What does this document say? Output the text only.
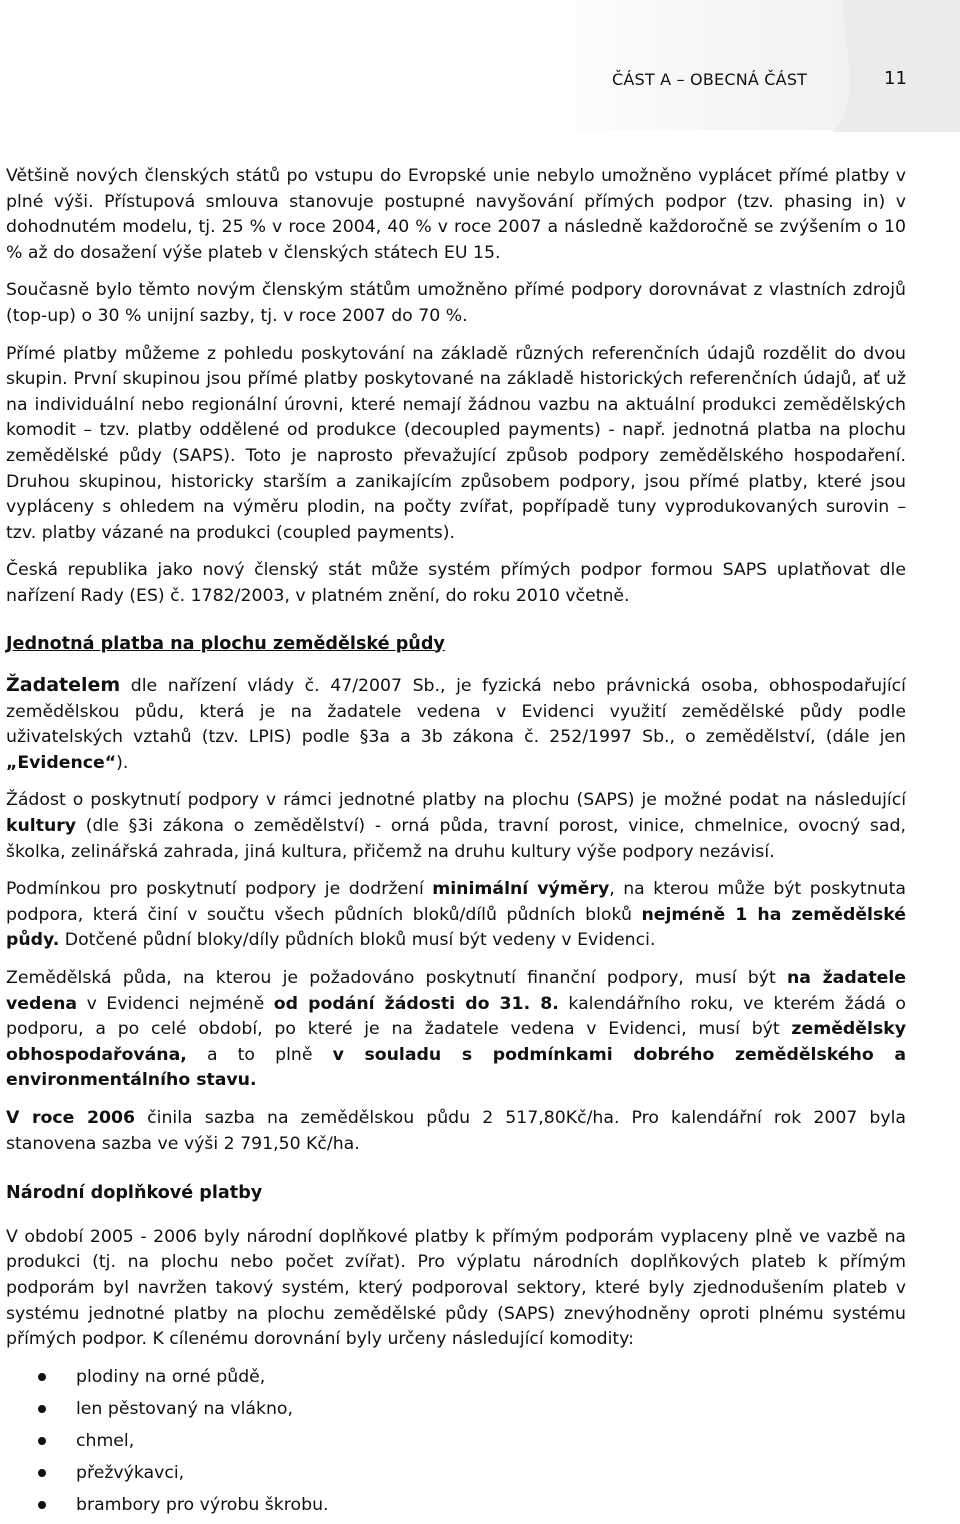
ČÁST A – OBECNÁ ČÁST	11

Většině nových členských států po vstupu do Evropské unie nebylo umožněno vyplácet přímé platby v plné výši. Přístupová smlouva stanovuje postupné navyšování přímých podpor (tzv. phasing in) v dohodnutém modelu, tj. 25 % v roce 2004, 40 % v roce 2007 a následně každoročně se zvýšením o 10 % až do dosažení výše plateb v členských státech EU 15.

Současně bylo těmto novým členským státům umožněno přímé podpory dorovnávat z vlastních zdrojů (top-up) o 30 % unijní sazby, tj. v roce 2007 do 70 %.

Přímé platby můžeme z pohledu poskytování na základě různých referenčních údajů rozdělit do dvou skupin. První skupinou jsou přímé platby poskytované na základě historických referenčních údajů, ať už na individuální nebo regionální úrovni, které nemají žádnou vazbu na aktuální produkci zemědělských komodit – tzv. platby oddělené od produkce (decoupled payments) - např. jednotná platba na plochu zemědělské půdy (SAPS). Toto je naprosto převažující způsob podpory zemědělského hospodaření. Druhou skupinou, historicky starším a zanikajícím způsobem podpory, jsou přímé platby, které jsou vypláceny s ohledem na výměru plodin, na počty zvířat, popřípadě tuny vyprodukovaných surovin – tzv. platby vázané na produkci (coupled payments).

Česká republika jako nový členský stát může systém přímých podpor formou SAPS uplatňovat dle nařízení Rady (ES) č. 1782/2003, v platném znění, do roku 2010 včetně.

Jednotná platba na plochu zemědělské půdy

Žadatelem dle nařízení vlády č. 47/2007 Sb., je fyzická nebo právnická osoba, obhospodařující zemědělskou půdu, která je na žadatele vedena v Evidenci využití zemědělské půdy podle uživatelských vztahů (tzv. LPIS) podle §3a a 3b zákona č. 252/1997 Sb., o zemědělství, (dále jen „Evidence“).

Žádost o poskytnutí podpory v rámci jednotné platby na plochu (SAPS) je možné podat na následující kultury (dle §3i zákona o zemědělství) - orná půda, travní porost, vinice, chmelnice, ovocný sad, školka, zelinářská zahrada, jiná kultura, přičemž na druhu kultury výše podpory nezávisí.

Podmínkou pro poskytnutí podpory je dodržení minimální výměry, na kterou může být poskytnuta podpora, která činí v součtu všech půdních bloků/dílů půdních bloků nejméně 1 ha zemědělské půdy. Dotčené půdní bloky/díly půdních bloků musí být vedeny v Evidenci.

Zemědělská půda, na kterou je požadováno poskytnutí finanční podpory, musí být na žadatele vedena v Evidenci nejméně od podání žádosti do 31. 8. kalendářního roku, ve kterém žádá o podporu, a po celé období, po které je na žadatele vedena v Evidenci, musí být zemědělsky obhospodařována, a to plně v souladu s podmínkami dobrého zemědělského a environmentálního stavu.

V roce 2006 činila sazba na zemědělskou půdu 2 517,80Kč/ha. Pro kalendářní rok 2007 byla stanovena sazba ve výši 2 791,50 Kč/ha.

Národní doplňkové platby

V období 2005 - 2006 byly národní doplňkové platby k přímým podporám vyplaceny plně ve vazbě na produkci (tj. na plochu nebo počet zvířat). Pro výplatu národních doplňkových plateb k přímým podporám byl navržen takový systém, který podporoval sektory, které byly zjednodušením plateb v systému jednotné platby na plochu zemědělské půdy (SAPS) znevýhodněny oproti plnému systému přímých podpor. K cílenému dorovnání byly určeny následující komodity:

plodiny na orné půdě,
len pěstovaný na vlákno,
chmel,
přežvýkavci,
brambory pro výrobu škrobu.
